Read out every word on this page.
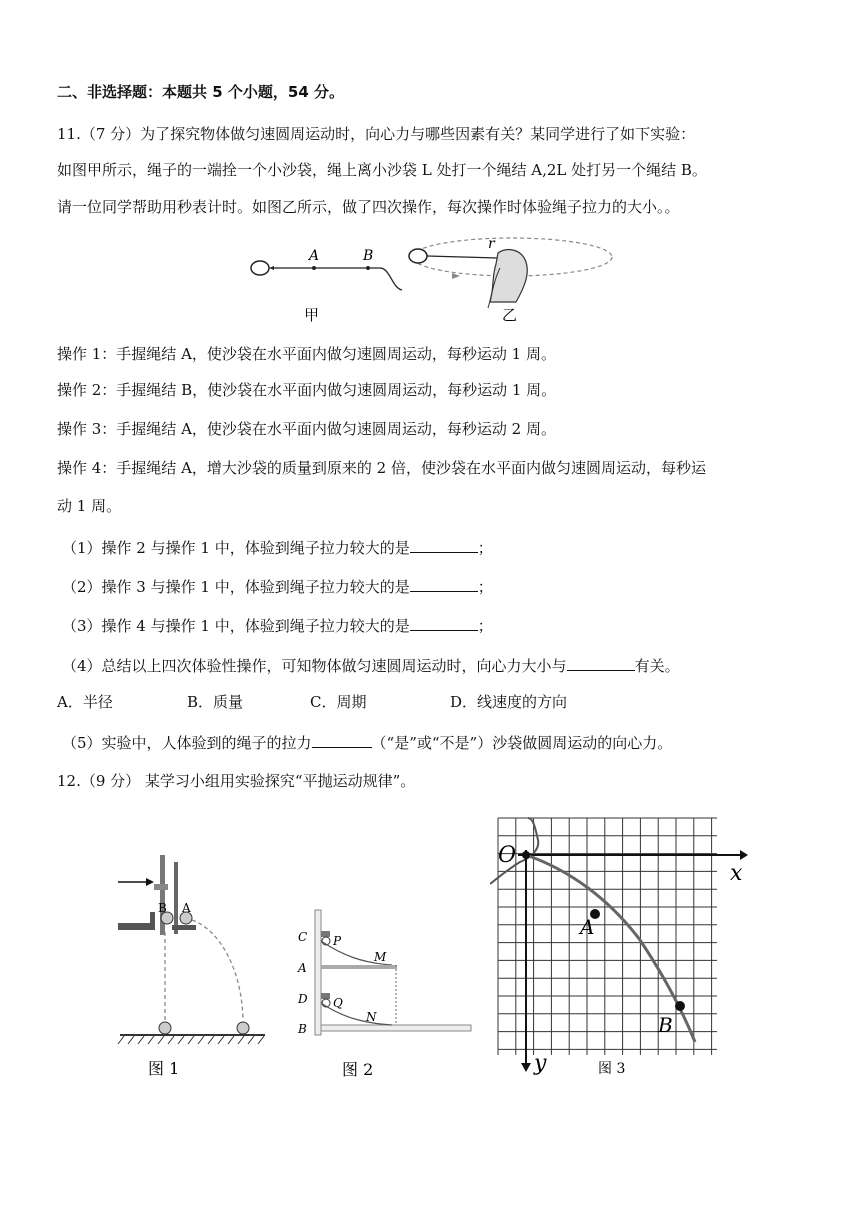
二、非选择题：本题共 5 个小题，54 分。
11.（7 分）为了探究物体做匀速圆周运动时，向心力与哪些因素有关？某同学进行了如下实验：
如图甲所示，绳子的一端拴一个小沙袋，绳上离小沙袋 L 处打一个绳结 A,2L 处打另一个绳结 B。
请一位同学帮助用秒表计时。如图乙所示，做了四次操作，每次操作时体验绳子拉力的大小。。
A	B
甲
r
乙
操作 1：手握绳结 A，使沙袋在水平面内做匀速圆周运动，每秒运动 1 周。
操作 2：手握绳结 B，使沙袋在水平面内做匀速圆周运动，每秒运动 1 周。
操作 3：手握绳结 A，使沙袋在水平面内做匀速圆周运动，每秒运动 2 周。
操作 4：手握绳结 A，增大沙袋的质量到原来的 2 倍，使沙袋在水平面内做匀速圆周运动，每秒运
动 1 周。
（1）操作 2 与操作 1 中，体验到绳子拉力较大的是	；
（2）操作 3 与操作 1 中，体验到绳子拉力较大的是	；
（3）操作 4 与操作 1 中，体验到绳子拉力较大的是	；
（4）总结以上四次体验性操作，可知物体做匀速圆周运动时，向心力大小与	有关。
A．半径	B．质量	C．周期	D．线速度的方向
（5）实验中，人体验到的绳子的拉力	（“是”或“不是”）沙袋做圆周运动的向心力。
12.（9 分） 某学习小组用实验探究“平抛运动规律”。
B A
图 1
C P
A
M
D Q
N
B
图 2
O
x
y
A
B
图 3
